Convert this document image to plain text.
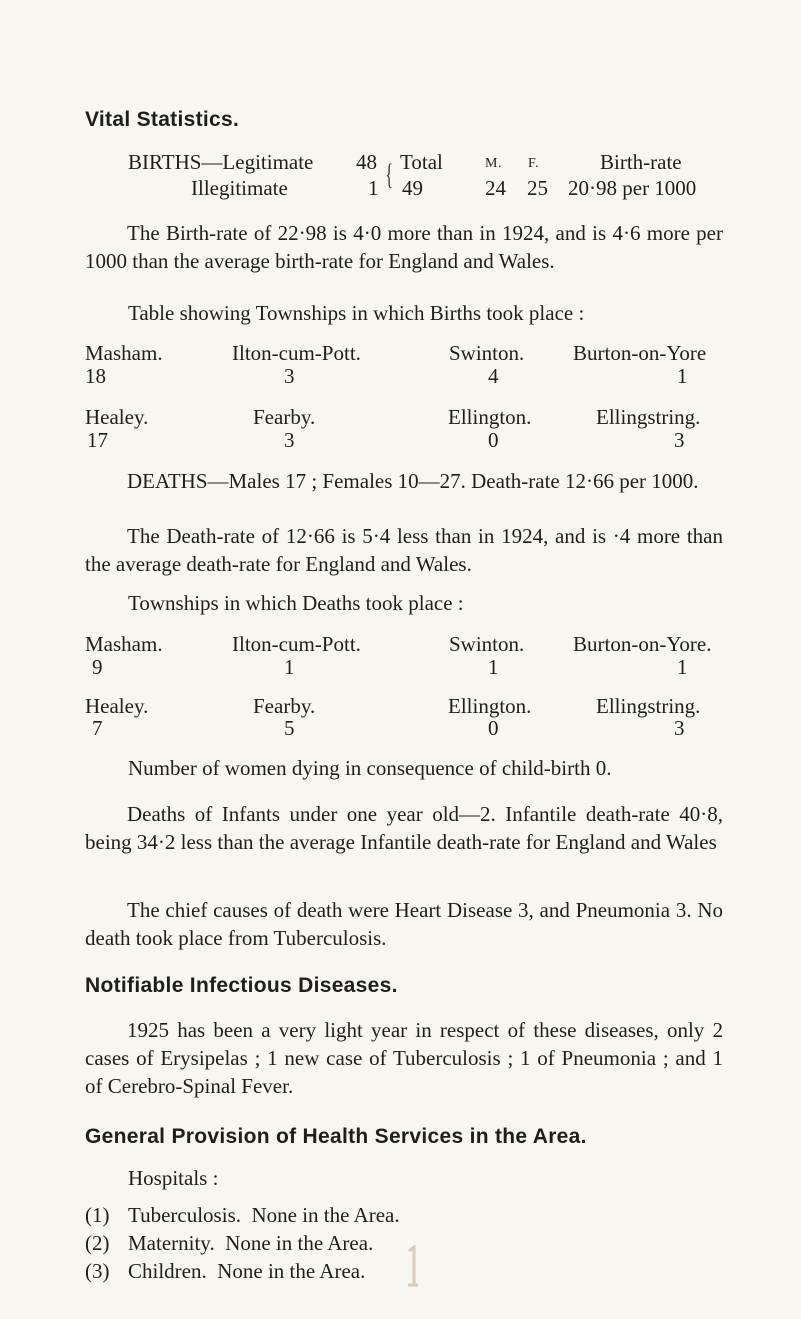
Vital Statistics.
BIRTHS—Legitimate 48
Illegitimate	1 { Total
49
M.
24
F.
25
Birth-rate
20·98 per 1000
The Birth-rate of 22·98 is 4·0 more than in 1924, and is 4·6 more per 1000 than the average birth-rate for England and Wales.
Table showing Townships in which Births took place :
Masham.
18
Ilton-cum-Pott.
3
Swinton.
4
Burton-on-Yore
1
Healey.
17
Fearby.
3
Ellington.
0
Ellingstring.
3
DEATHS—Males 17 ; Females 10—27. Death-rate 12·66 per 1000.
The Death-rate of 12·66 is 5·4 less than in 1924, and is ·4 more than the average death-rate for England and Wales.
Townships in which Deaths took place :
Masham.
9
Ilton-cum-Pott.
1
Swinton.
1
Burton-on-Yore.
1
Healey.
7
Fearby.
5
Ellington.
0
Ellingstring.
3
Number of women dying in consequence of child-birth 0.
Deaths of Infants under one year old—2. Infantile death-rate 40·8, being 34·2 less than the average Infantile death-rate for England and Wales
The chief causes of death were Heart Disease 3, and Pneumonia 3. No death took place from Tuberculosis.
Notifiable Infectious Diseases.
1925 has been a very light year in respect of these diseases, only 2 cases of Erysipelas ; 1 new case of Tuberculosis ; 1 of Pneumonia ; and 1 of Cerebro-Spinal Fever.
General Provision of Health Services in the Area.
Hospitals :
(1) Tuberculosis.  None in the Area.
(2) Maternity.  None in the Area.
(3) Children.  None in the Area.
